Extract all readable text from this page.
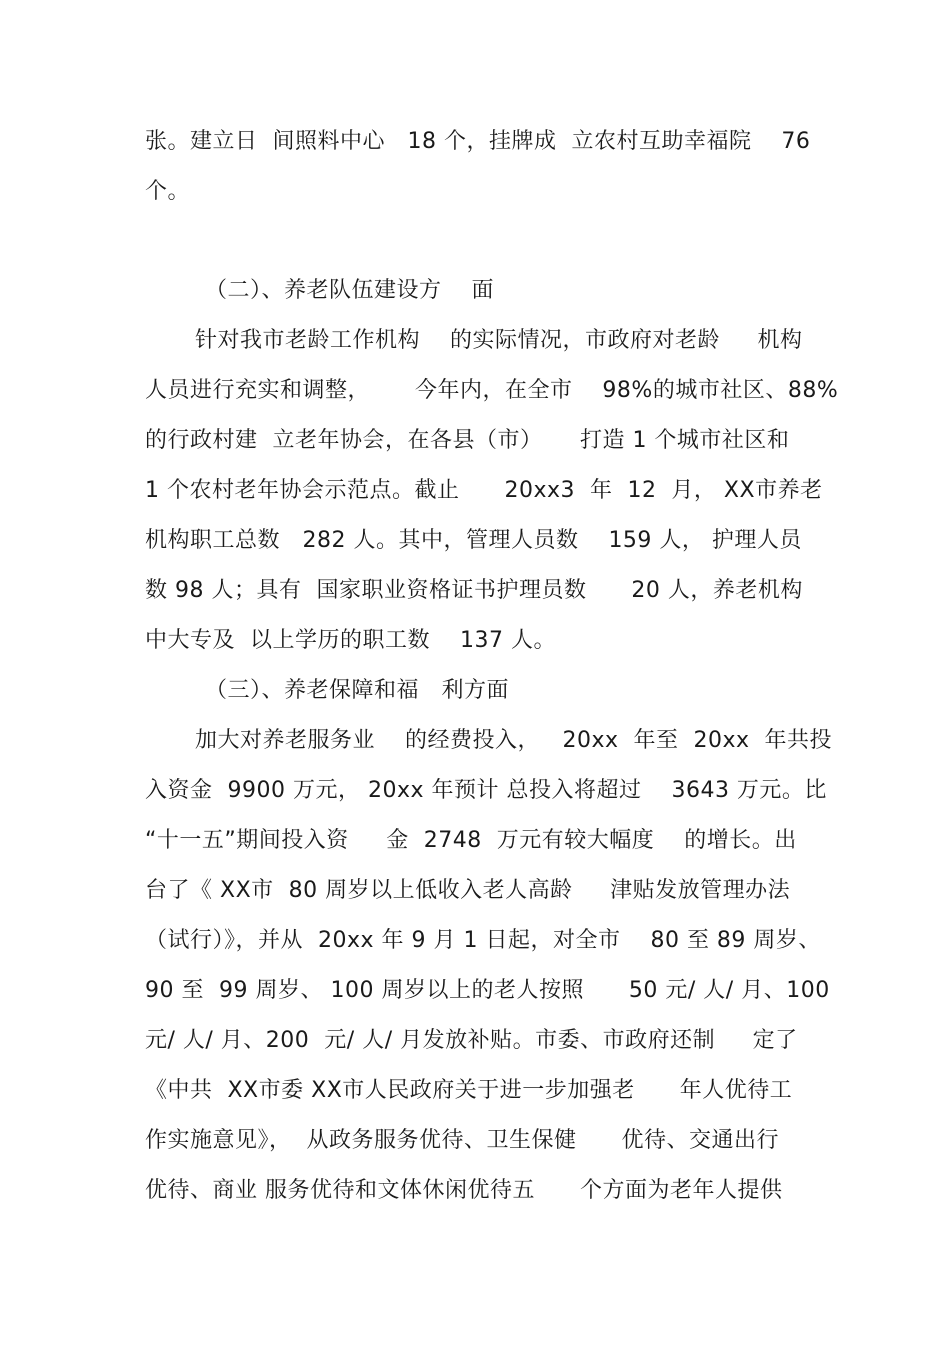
张。建立日  间照料中心   18 个，挂牌成  立农村互助幸福院    76
个。
（二）、养老队伍建设方    面
针对我市老龄工作机构    的实际情况，市政府对老龄     机构
人员进行充实和调整，      今年内，在全市    98%的城市社区、88%
的行政村建  立老年协会，在各县（市）     打造 1 个城市社区和
1 个农村老年协会示范点。截止      20xx3  年  12  月， XX市养老
机构职工总数   282 人。其中，管理人员数    159 人， 护理人员
数 98 人；具有  国家职业资格证书护理员数      20 人，养老机构
中大专及  以上学历的职工数    137 人。
（三）、养老保障和福   利方面
加大对养老服务业    的经费投入，   20xx  年至  20xx  年共投
入资金  9900 万元， 20xx 年预计 总投入将超过    3643 万元。比
“十一五”期间投入资     金  2748  万元有较大幅度    的增长。出
台了《 XX市  80 周岁以上低收入老人高龄     津贴发放管理办法
（试行）》，并从  20xx 年 9 月 1 日起，对全市    80 至 89 周岁、
90 至  99 周岁、 100 周岁以上的老人按照      50 元/ 人/ 月、100
元/ 人/ 月、200  元/ 人/ 月发放补贴。市委、市政府还制     定了
《中共  XX市委 XX市人民政府关于进一步加强老      年人优待工
作实施意见》，  从政务服务优待、卫生保健      优待、交通出行
优待、商业 服务优待和文体休闲优待五      个方面为老年人提供
